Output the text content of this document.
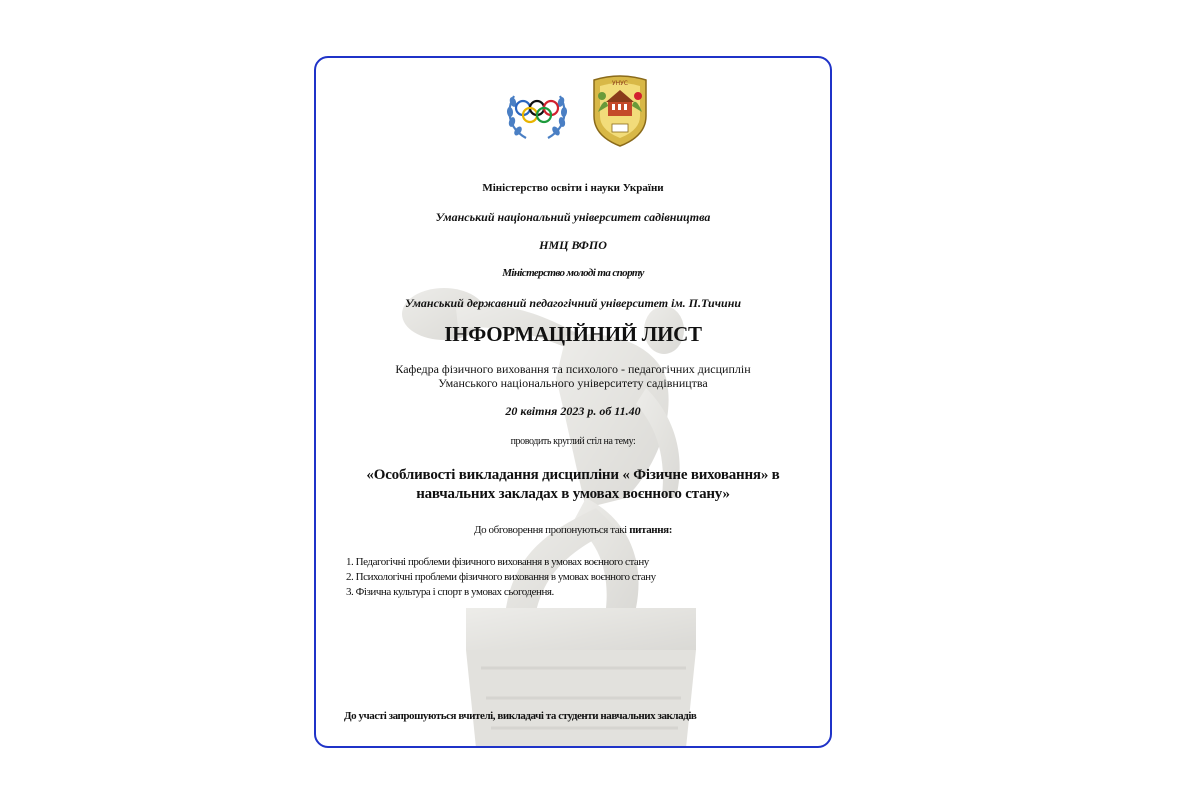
УНУС
Міністерство освіти і науки України
Уманський національний університет садівництва
НМЦ ВФПО
Міністерство молоді та спорту
Уманський державний педагогічний університет ім. П.Тичини
ІНФОРМАЦІЙНИЙ ЛИСТ
Кафедра фізичного виховання та психолого - педагогічних дисциплін
Уманського національного університету садівництва
20 квітня 2023 р. об 11.40
проводить круглий стіл на тему:
«Особливості викладання дисципліни « Фізичне виховання» в
навчальних закладах в умовах воєнного стану»
До обговорення пропонуються такі питання:
1. Педагогічні проблеми фізичного виховання в умовах воєнного стану
2. Психологічні проблеми фізичного виховання в умовах воєнного стану
3. Фізична культура і спорт в умовах сьогодення.
До участі запрошуються вчителі, викладачі та студенти навчальних закладів
